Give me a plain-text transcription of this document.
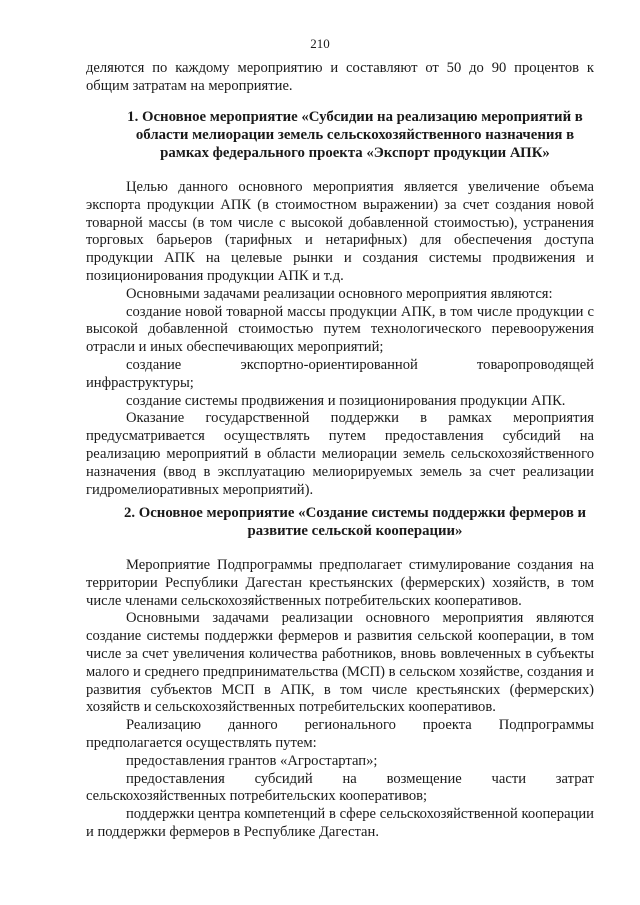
210

деляются по каждому мероприятию и составляют от 50 до 90 процентов к общим затратам на мероприятие.

1. Основное мероприятие «Субсидии на реализацию мероприятий в области мелиорации земель сельскохозяйственного назначения в рамках федерального проекта «Экспорт продукции АПК»

Целью данного основного мероприятия является увеличение объема экспорта продукции АПК (в стоимостном выражении) за счет создания новой товарной массы (в том числе с высокой добавленной стоимостью), устранения торговых барьеров (тарифных и нетарифных) для обеспечения доступа продукции АПК на целевые рынки и создания системы продвижения и позиционирования продукции АПК и т.д.

Основными задачами реализации основного мероприятия являются:

создание новой товарной массы продукции АПК, в том числе продукции с высокой добавленной стоимостью путем технологического перевооружения отрасли и иных обеспечивающих мероприятий;

создание экспортно-ориентированной товаропроводящей инфраструктуры;

создание системы продвижения и позиционирования продукции АПК.

Оказание государственной поддержки в рамках мероприятия предусматривается осуществлять путем предоставления субсидий на реализацию мероприятий в области мелиорации земель сельскохозяйственного назначения (ввод в эксплуатацию мелиорируемых земель за счет реализации гидромелиоративных мероприятий).

2. Основное мероприятие «Создание системы поддержки фермеров и развитие сельской кооперации»

Мероприятие Подпрограммы предполагает стимулирование создания на территории Республики Дагестан крестьянских (фермерских) хозяйств, в том числе членами сельскохозяйственных потребительских кооперативов.

Основными задачами реализации основного мероприятия являются создание системы поддержки фермеров и развития сельской кооперации, в том числе за счет увеличения количества работников, вновь вовлеченных в субъекты малого и среднего предпринимательства (МСП) в сельском хозяйстве, создания и развития субъектов МСП в АПК, в том числе крестьянских (фермерских) хозяйств и сельскохозяйственных потребительских кооперативов.

Реализацию данного регионального проекта Подпрограммы предполагается осуществлять путем:

предоставления грантов «Агростартап»;

предоставления субсидий на возмещение части затрат сельскохозяйственных потребительских кооперативов;

поддержки центра компетенций в сфере сельскохозяйственной кооперации и поддержки фермеров в Республике Дагестан.
